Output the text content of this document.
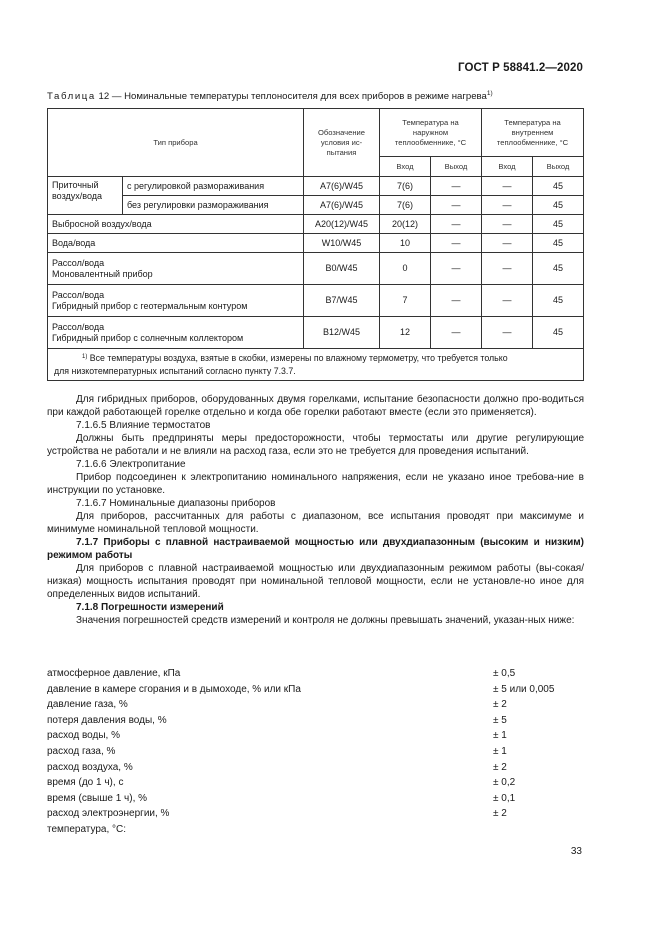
ГОСТ Р 58841.2—2020
Таблица 12 — Номинальные температуры теплоносителя для всех приборов в режиме нагрева$^{1)}$
Тип прибора		Обозначение условия ис-пытания	Температура на наружном теплообменнике, °С		Температура на внутреннем теплообменнике, °С	
			Вход	Выход	Вход	Выход
Приточный воздух/вода	с регулировкой размораживания	A7(6)/W45	7(6)	—	—	45
	без регулировки размораживания	A7(6)/W45	7(6)	—	—	45
Выбросной воздух/вода		A20(12)/W45	20(12)	—	—	45
Вода/вода		W10/W45	10	—	—	45
Рассол/вода
Моновалентный прибор		B0/W45	0	—	—	45
Рассол/вода
Гибридный прибор с геотермальным контуром		B7/W45	7	—	—	45
Рассол/вода
Гибридный прибор с солнечным коллектором		B12/W45	12	—	—	45

$^{1)}$ Все температуры воздуха, взятые в скобки, измерены по влажному термометру, что требуется только
для низкотемпературных испытаний согласно пункту 7.3.7.						

Для гибридных приборов, оборудованных двумя горелками, испытание безопасности должно про-водиться при каждой работающей горелке отдельно и когда обе горелки работают вместе (если это применяется).

7.1.6.5 Влияние термостатов

Должны быть предприняты меры предосторожности, чтобы термостаты или другие регулирующие устройства не работали и не влияли на расход газа, если это не требуется для проведения испытаний.

7.1.6.6 Электропитание

Прибор подсоединен к электропитанию номинального напряжения, если не указано иное требова-ние в инструкции по установке.

7.1.6.7 Номинальные диапазоны приборов

Для приборов, рассчитанных для работы с диапазоном, все испытания проводят при максимуме и минимуме номинальной тепловой мощности.

7.1.7 Приборы с плавной настраиваемой мощностью или двухдиапазонным (высоким и низким) режимом работы

Для приборов с плавной настраиваемой мощностью или двухдиапазонным режимом работы (вы-сокая/низкая) мощность испытания проводят при номинальной тепловой мощности, если не установле-но иное для определенных видов испытаний.

7.1.8 Погрешности измерений

Значения погрешностей средств измерений и контроля не должны превышать значений, указан-ных ниже:

атмосферное давление, кПа	± 0,5
давление в камере сгорания и в дымоходе, % или кПа	± 5 или 0,005
давление газа, %	± 2
потеря давления воды, %	± 5
расход воды, %	± 1
расход газа, %	± 1
расход воздуха, %	± 2
время (до 1 ч), с	± 0,2
время (свыше 1 ч), %	± 0,1
расход электроэнергии, %	± 2
температура, °С:
33
